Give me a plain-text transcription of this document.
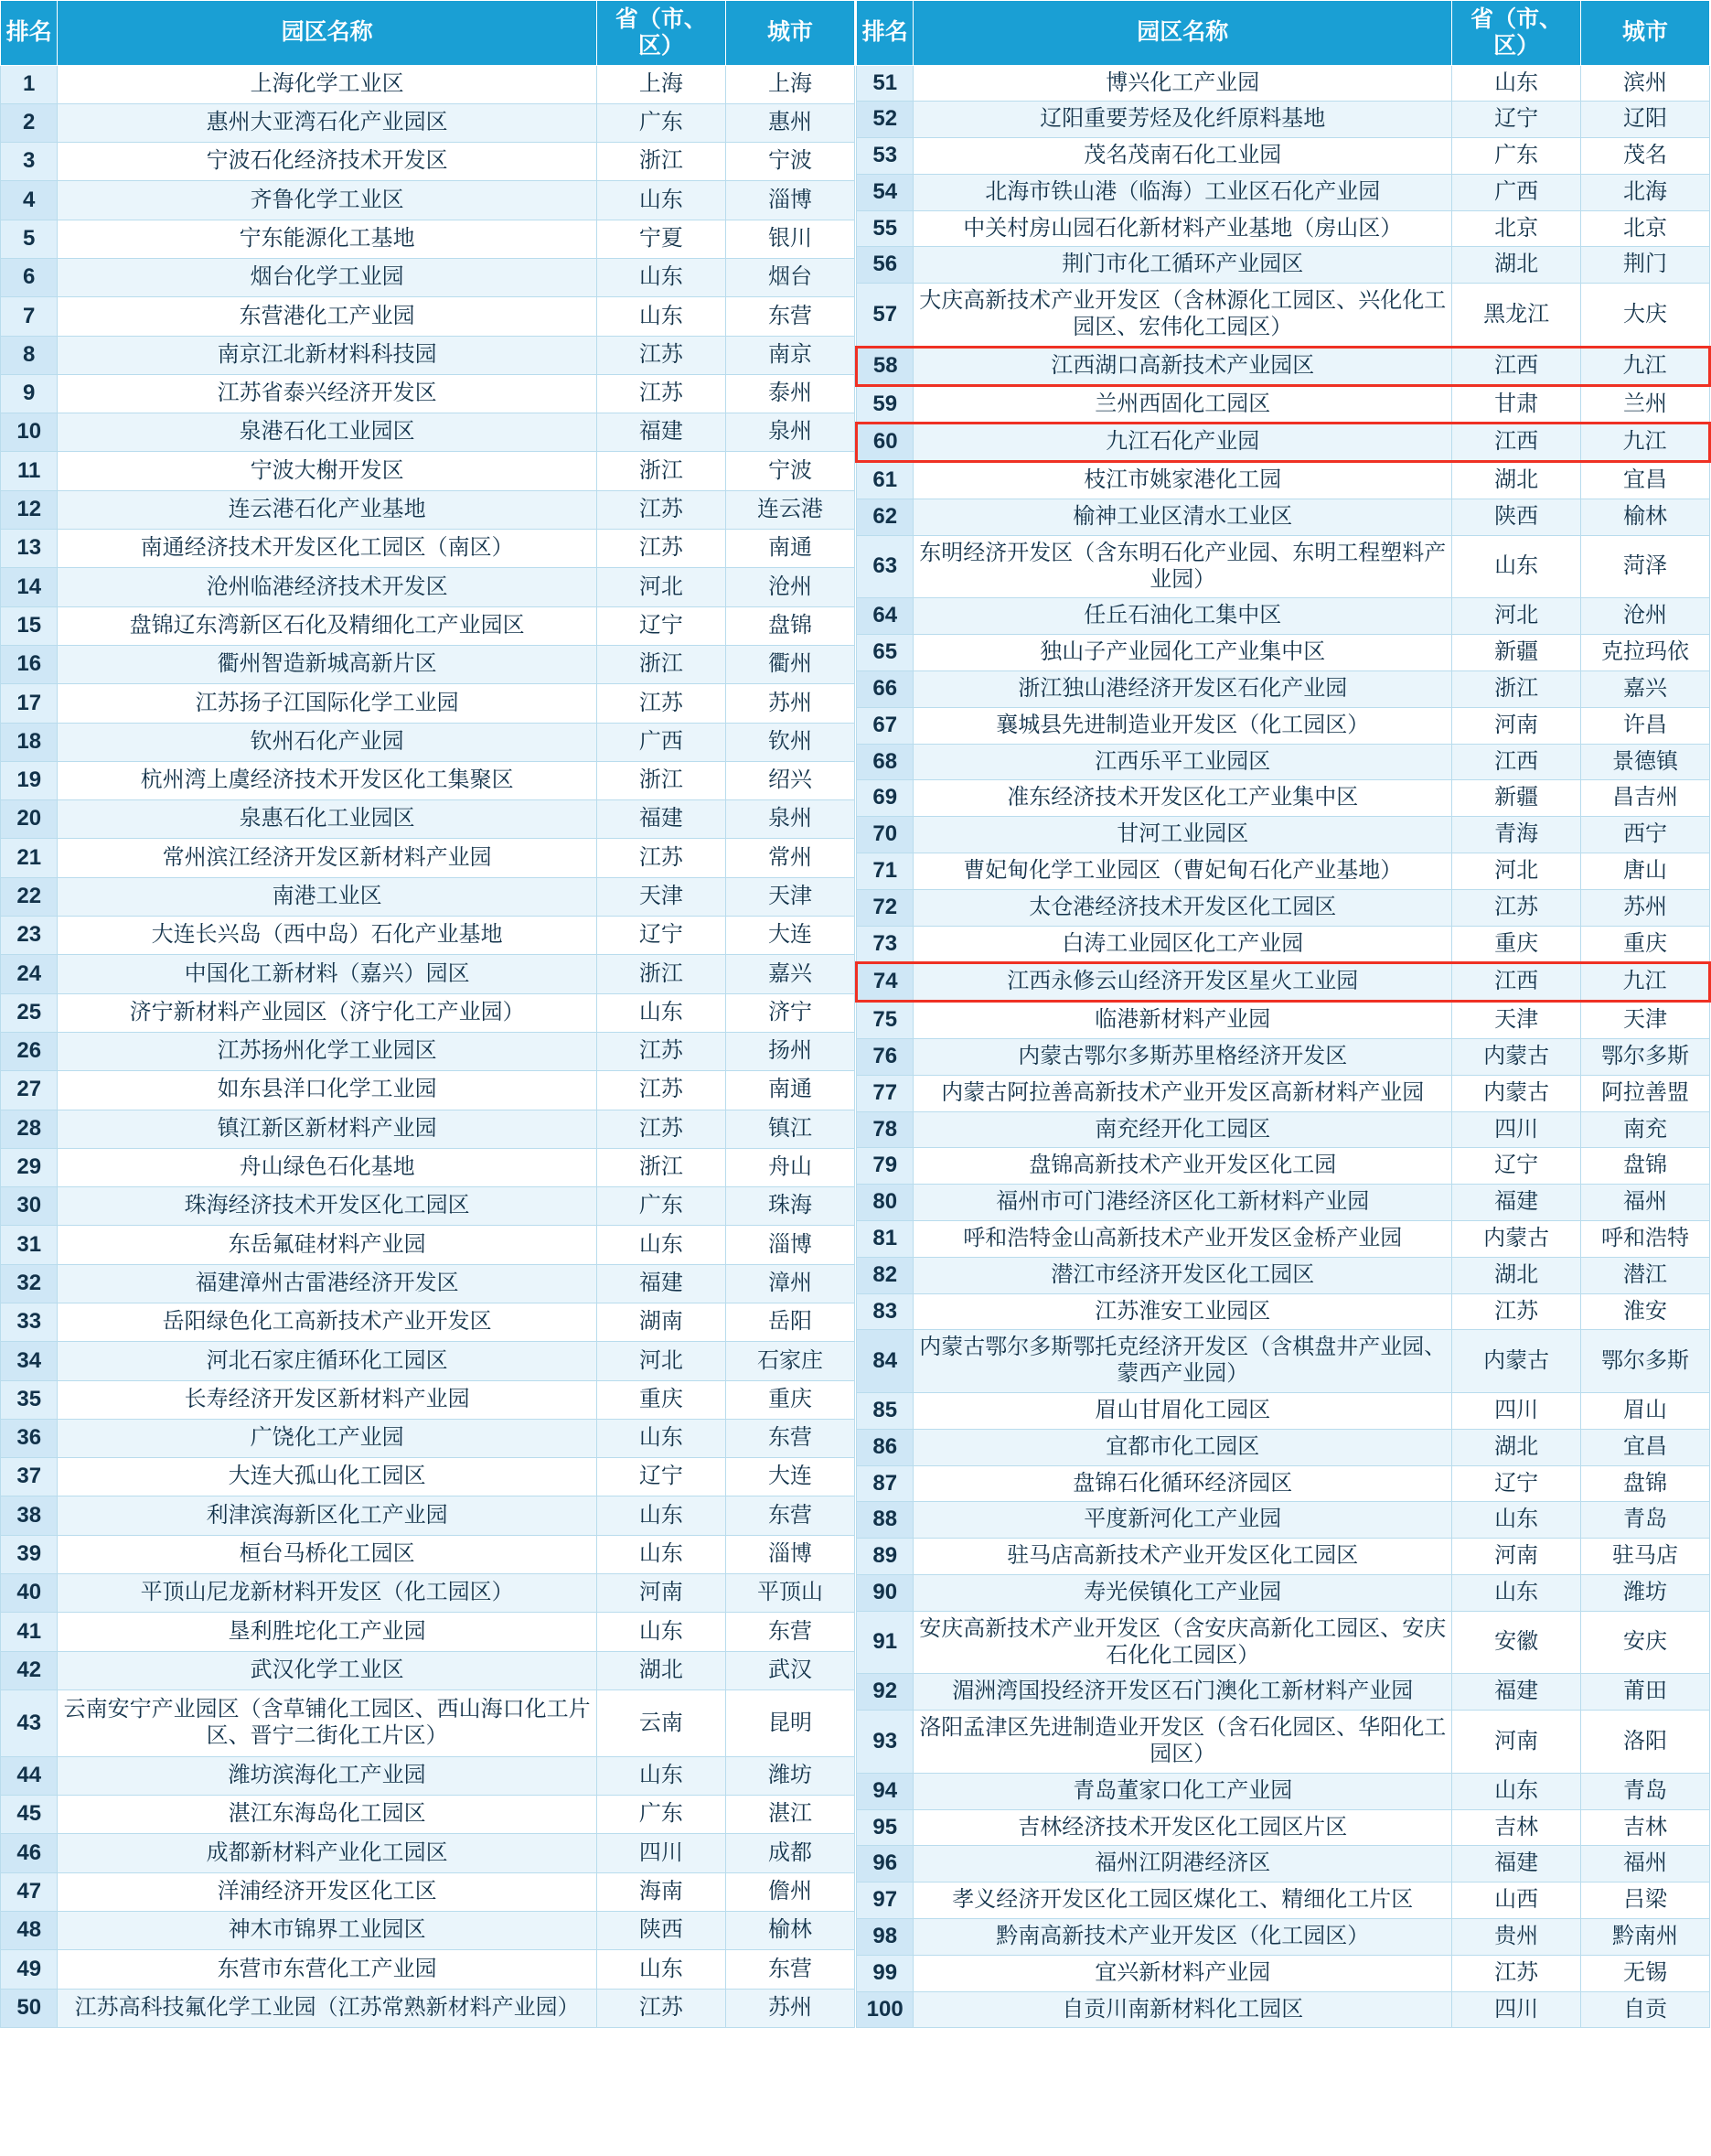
排名	园区名称	省（市、区）	城市
1	上海化学工业区	上海	上海
2	惠州大亚湾石化产业园区	广东	惠州
3	宁波石化经济技术开发区	浙江	宁波
4	齐鲁化学工业区	山东	淄博
5	宁东能源化工基地	宁夏	银川
6	烟台化学工业园	山东	烟台
7	东营港化工产业园	山东	东营
8	南京江北新材料科技园	江苏	南京
9	江苏省泰兴经济开发区	江苏	泰州
10	泉港石化工业园区	福建	泉州
11	宁波大榭开发区	浙江	宁波
12	连云港石化产业基地	江苏	连云港
13	南通经济技术开发区化工园区（南区）	江苏	南通
14	沧州临港经济技术开发区	河北	沧州
15	盘锦辽东湾新区石化及精细化工产业园区	辽宁	盘锦
16	衢州智造新城高新片区	浙江	衢州
17	江苏扬子江国际化学工业园	江苏	苏州
18	钦州石化产业园	广西	钦州
19	杭州湾上虞经济技术开发区化工集聚区	浙江	绍兴
20	泉惠石化工业园区	福建	泉州
21	常州滨江经济开发区新材料产业园	江苏	常州
22	南港工业区	天津	天津
23	大连长兴岛（西中岛）石化产业基地	辽宁	大连
24	中国化工新材料（嘉兴）园区	浙江	嘉兴
25	济宁新材料产业园区（济宁化工产业园）	山东	济宁
26	江苏扬州化学工业园区	江苏	扬州
27	如东县洋口化学工业园	江苏	南通
28	镇江新区新材料产业园	江苏	镇江
29	舟山绿色石化基地	浙江	舟山
30	珠海经济技术开发区化工园区	广东	珠海
31	东岳氟硅材料产业园	山东	淄博
32	福建漳州古雷港经济开发区	福建	漳州
33	岳阳绿色化工高新技术产业开发区	湖南	岳阳
34	河北石家庄循环化工园区	河北	石家庄
35	长寿经济开发区新材料产业园	重庆	重庆
36	广饶化工产业园	山东	东营
37	大连大孤山化工园区	辽宁	大连
38	利津滨海新区化工产业园	山东	东营
39	桓台马桥化工园区	山东	淄博
40	平顶山尼龙新材料开发区（化工园区）	河南	平顶山
41	垦利胜坨化工产业园	山东	东营
42	武汉化学工业区	湖北	武汉
43	云南安宁产业园区（含草铺化工园区、西山海口化工片区、晋宁二街化工片区）	云南	昆明
44	潍坊滨海化工产业园	山东	潍坊
45	湛江东海岛化工园区	广东	湛江
46	成都新材料产业化工园区	四川	成都
47	洋浦经济开发区化工区	海南	儋州
48	神木市锦界工业园区	陕西	榆林
49	东营市东营化工产业园	山东	东营
50	江苏高科技氟化学工业园（江苏常熟新材料产业园）	江苏	苏州
排名	园区名称	省（市、区）	城市
51	博兴化工产业园	山东	滨州
52	辽阳重要芳烃及化纤原料基地	辽宁	辽阳
53	茂名茂南石化工业园	广东	茂名
54	北海市铁山港（临海）工业区石化产业园	广西	北海
55	中关村房山园石化新材料产业基地（房山区）	北京	北京
56	荆门市化工循环产业园区	湖北	荆门
57	大庆高新技术产业开发区（含林源化工园区、兴化化工园区、宏伟化工园区）	黑龙江	大庆
58	江西湖口高新技术产业园区	江西	九江
59	兰州西固化工园区	甘肃	兰州
60	九江石化产业园	江西	九江
61	枝江市姚家港化工园	湖北	宜昌
62	榆神工业区清水工业区	陕西	榆林
63	东明经济开发区（含东明石化产业园、东明工程塑料产业园）	山东	菏泽
64	任丘石油化工集中区	河北	沧州
65	独山子产业园化工产业集中区	新疆	克拉玛依
66	浙江独山港经济开发区石化产业园	浙江	嘉兴
67	襄城县先进制造业开发区（化工园区）	河南	许昌
68	江西乐平工业园区	江西	景德镇
69	准东经济技术开发区化工产业集中区	新疆	昌吉州
70	甘河工业园区	青海	西宁
71	曹妃甸化学工业园区（曹妃甸石化产业基地）	河北	唐山
72	太仓港经济技术开发区化工园区	江苏	苏州
73	白涛工业园区化工产业园	重庆	重庆
74	江西永修云山经济开发区星火工业园	江西	九江
75	临港新材料产业园	天津	天津
76	内蒙古鄂尔多斯苏里格经济开发区	内蒙古	鄂尔多斯
77	内蒙古阿拉善高新技术产业开发区高新材料产业园	内蒙古	阿拉善盟
78	南充经开化工园区	四川	南充
79	盘锦高新技术产业开发区化工园	辽宁	盘锦
80	福州市可门港经济区化工新材料产业园	福建	福州
81	呼和浩特金山高新技术产业开发区金桥产业园	内蒙古	呼和浩特
82	潜江市经济开发区化工园区	湖北	潜江
83	江苏淮安工业园区	江苏	淮安
84	内蒙古鄂尔多斯鄂托克经济开发区（含棋盘井产业园、蒙西产业园）	内蒙古	鄂尔多斯
85	眉山甘眉化工园区	四川	眉山
86	宜都市化工园区	湖北	宜昌
87	盘锦石化循环经济园区	辽宁	盘锦
88	平度新河化工产业园	山东	青岛
89	驻马店高新技术产业开发区化工园区	河南	驻马店
90	寿光侯镇化工产业园	山东	潍坊
91	安庆高新技术产业开发区（含安庆高新化工园区、安庆石化化工园区）	安徽	安庆
92	湄洲湾国投经济开发区石门澳化工新材料产业园	福建	莆田
93	洛阳孟津区先进制造业开发区（含石化园区、华阳化工园区）	河南	洛阳
94	青岛董家口化工产业园	山东	青岛
95	吉林经济技术开发区化工园区片区	吉林	吉林
96	福州江阴港经济区	福建	福州
97	孝义经济开发区化工园区煤化工、精细化工片区	山西	吕梁
98	黔南高新技术产业开发区（化工园区）	贵州	黔南州
99	宜兴新材料产业园	江苏	无锡
100	自贡川南新材料化工园区	四川	自贡
